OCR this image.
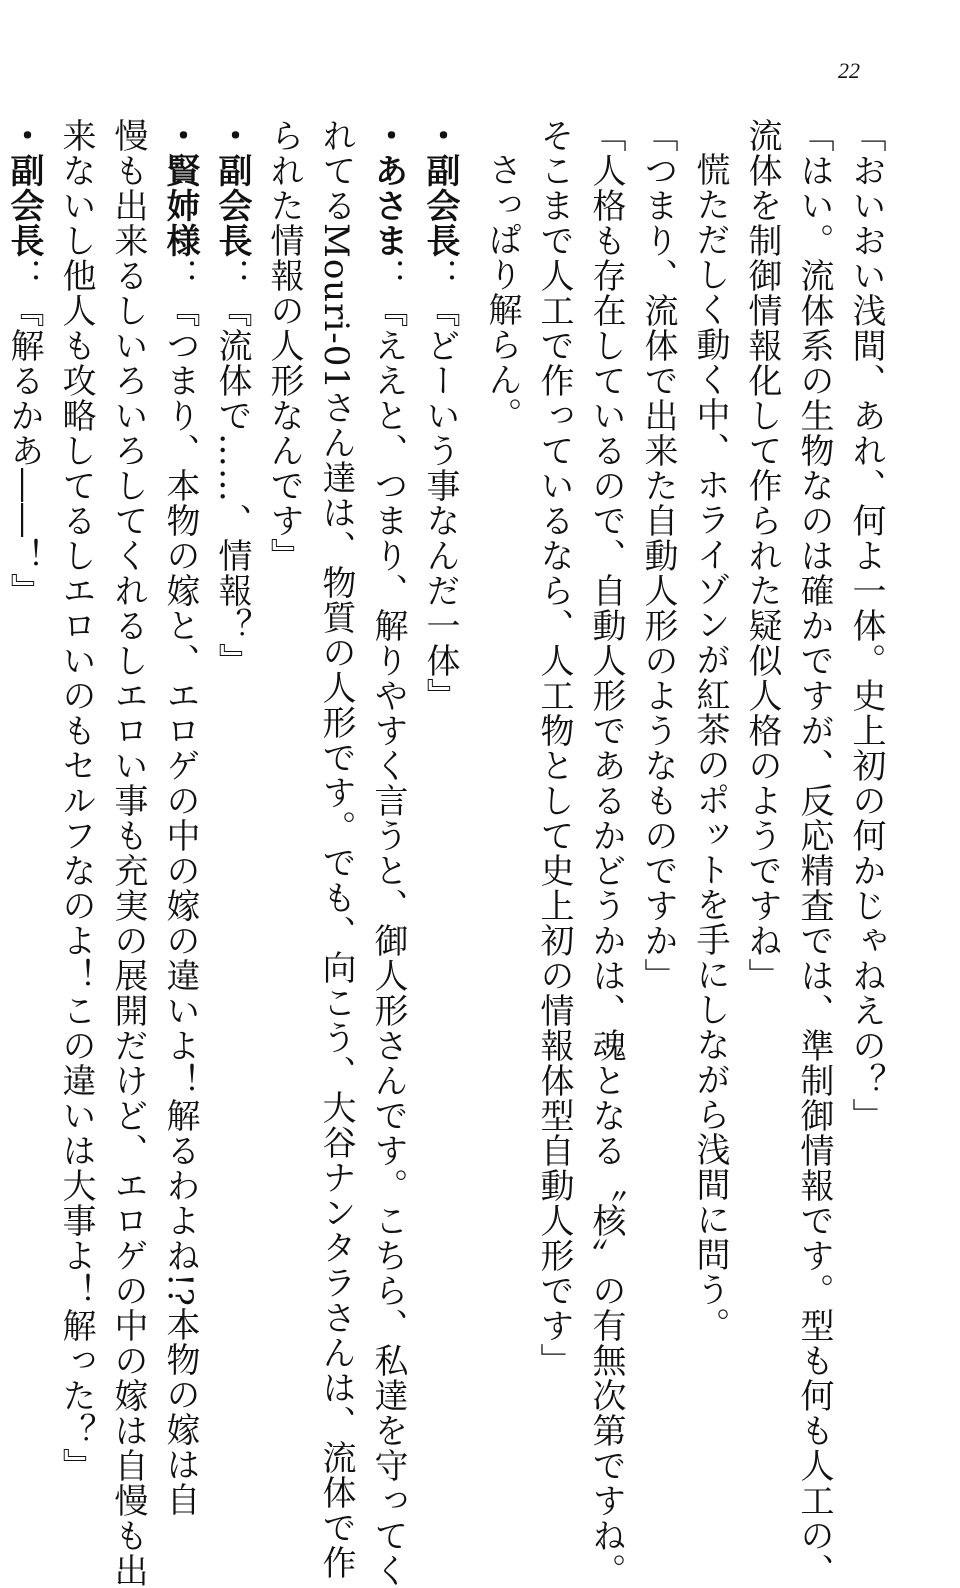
22
「おいおい浅間、あれ、何よ一体。史上初の何かじゃねえの？」
「はい。流体系の生物なのは確かですが、反応精査では、準制御情報です。型も何も人工の、
流体を制御情報化して作られた疑似人格のようですね」
慌ただしく動く中、ホライゾンが紅茶のポットを手にしながら浅間に問う。
「つまり、流体で出来た自動人形のようなものですか」
「人格も存在しているので、自動人形であるかどうかは、魂となる〝核〟の有無次第ですね。
そこまで人工で作っているなら、人工物として史上初の情報体型自動人形です」
さっぱり解らん。
・副会長：『どーいう事なんだ一体』
・あさま：『ええと、つまり、解りやすく言うと、御人形さんです。こちら、私達を守ってく
れてるMouri-01さん達は、物質の人形です。でも、向こう、大谷ナンタラさんは、流体で作
られた情報の人形なんです』
・副会長：『流体で……、情報？』
・賢姉様：『つまり、本物の嫁と、エロゲの中の嫁の違いよ！解るわよね!?本物の嫁は自
慢も出来るしいろいろしてくれるしエロい事も充実の展開だけど、エロゲの中の嫁は自慢も出
来ないし他人も攻略してるしエロいのもセルフなのよ！この違いは大事よ！解った？』
・副会長：『解るかあ――！』
